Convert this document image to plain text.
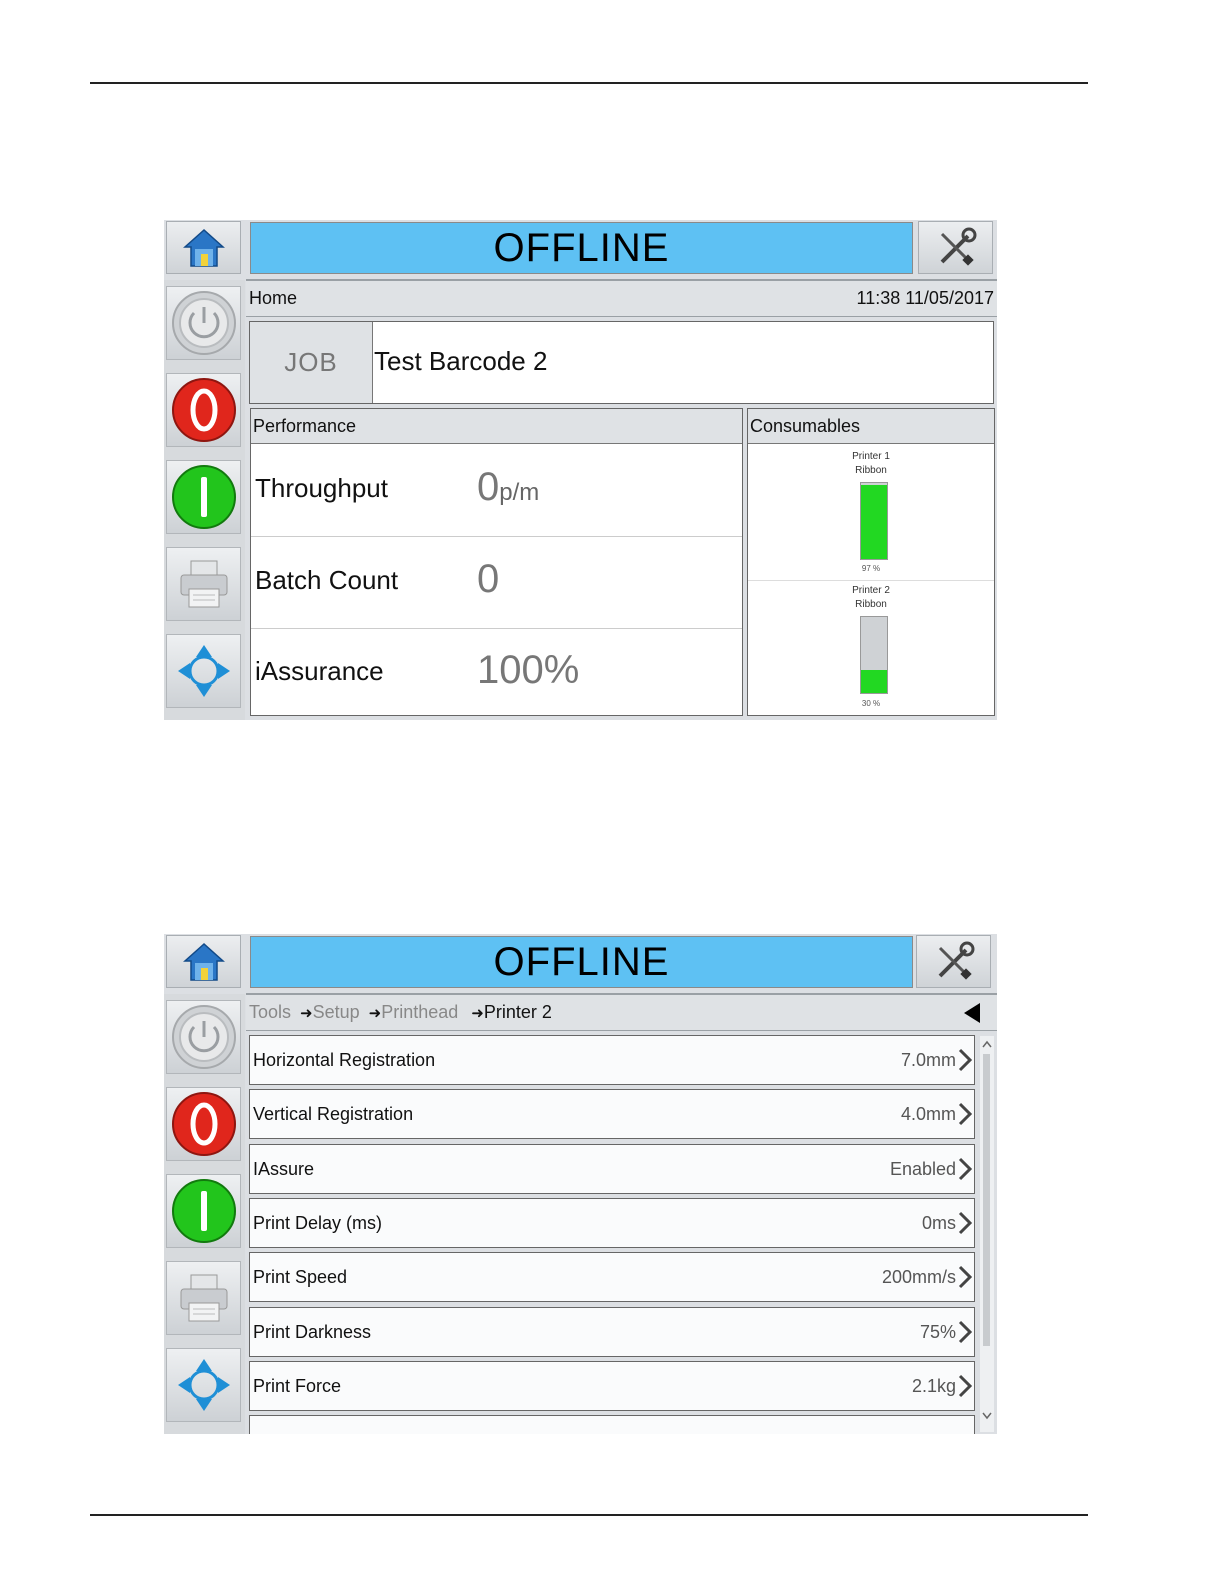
OFFLINE
Home	11:38 11/05/2017
JOB	Test Barcode 2
Performance
Throughput 0p/m
Batch Count 0
iAssurance 100%
Consumables
Printer 1
Ribbon
97 %
Printer 2
Ribbon
30 %
OFFLINE
Tools ➜ Setup ➜ Printhead ➜ Printer 2
Horizontal Registration	7.0mm
Vertical Registration	4.0mm
IAssure	Enabled
Print Delay (ms)	0ms
Print Speed	200mm/s
Print Darkness	75%
Print Force	2.1kg
